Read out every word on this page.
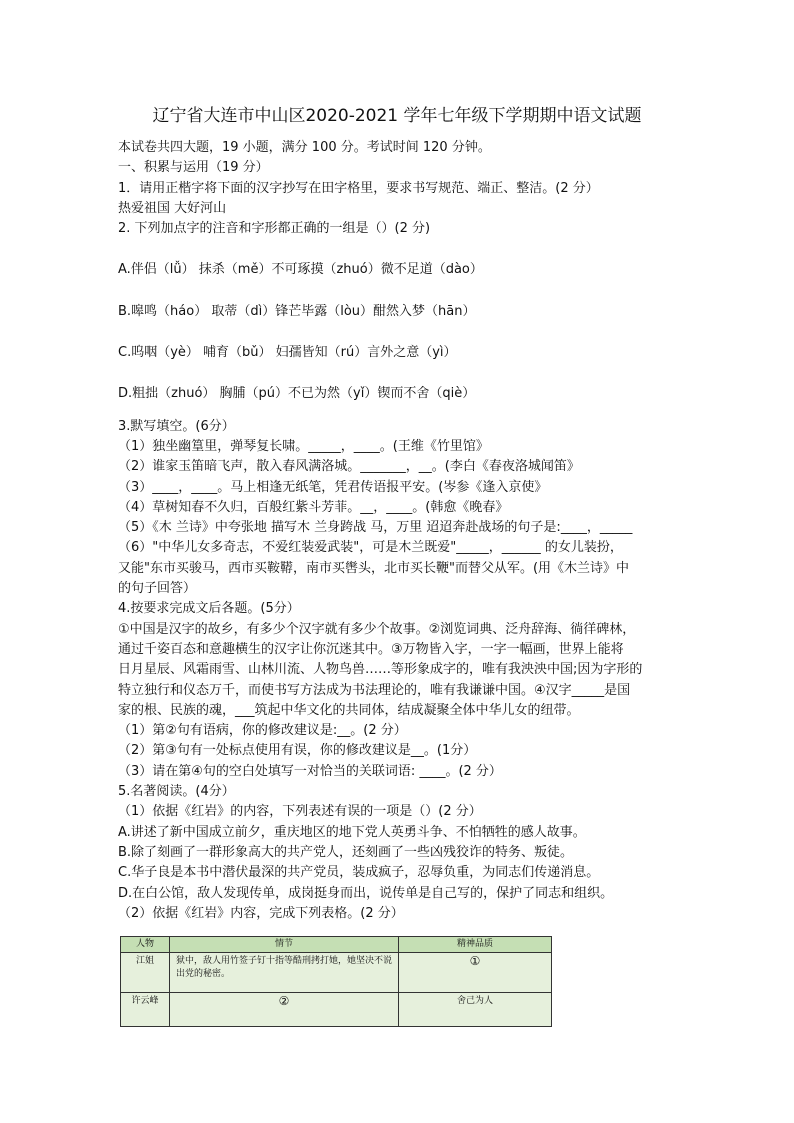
辽宁省大连市中山区2020-2021 学年七年级下学期期中语文试题

本试卷共四大题，19 小题，满分 100 分。考试时间 120 分钟。

一、积累与运用（19 分）

1．请用正楷字将下面的汉字抄写在田字格里，要求书写规范、端正、整洁。(2 分）

热爱祖国 大好河山

2. 下列加点字的注音和字形都正确的一组是（）(2 分)

A.伴侣（lǚ） 抹杀（mě）不可琢摸（zhuó）微不足道（dào）

B.嗥鸣（háo） 取蒂（dì）锋芒毕露（lòu）酣然入梦（hān）

C.呜咽（yè） 哺育（bǔ） 妇孺皆知（rú）言外之意（yì）

D.粗拙（zhuó） 胸脯（pú）不已为然（yǐ）锲而不舍（qiè）

3.默写填空。(6分）

（1）独坐幽篁里，弹琴复长啸。_____，____。(王维《竹里馆》

（2）谁家玉笛暗飞声，散入春风满洛城。_______，__。(李白《春夜洛城闻笛》

（3）____，____。马上相逢无纸笔，凭君传语报平安。(岑参《逢入京使》

（4）草树知春不久归，百般红紫斗芳菲。__，____。(韩愈《晚春》

（5）《木 兰诗》中夸张地 描写木 兰身跨战 马，万里 迢迢奔赴战场的句子是:____，_____

（6）"中华儿女多奇志，不爱红装爱武装"，可是木兰既爱"_____，______ 的女儿装扮，

又能"东市买骏马，西市买鞍鞯，南市买辔头，北市买长鞭"而替父从军。(用《木兰诗》中

的句子回答）

4.按要求完成文后各题。(5分）

①中国是汉字的故乡，有多少个汉字就有多少个故事。②浏览词典、泛舟辞海、徜徉碑林，

通过千姿百态和意趣横生的汉字让你沉迷其中。③万物皆入字，一字一幅画，世界上能将

日月星辰、风霜雨雪、山林川流、人物鸟兽……等形象成字的，唯有我泱泱中国;因为字形的

特立独行和仪态万千，而使书写方法成为书法理论的，唯有我谦谦中国。④汉字_____是国

家的根、民族的魂，___筑起中华文化的共同体，结成凝聚全体中华儿女的纽带。

（1）第②句有语病，你的修改建议是:__。(2 分）

（2）第③句有一处标点使用有误，你的修改建议是__。(1分）

（3）请在第④句的空白处填写一对恰当的关联词语: ____。(2 分）

5.名著阅读。(4分）

（1）依据《红岩》的内容，下列表述有误的一项是（）(2 分）

A.讲述了新中国成立前夕，重庆地区的地下党人英勇斗争、不怕牺牲的感人故事。

B.除了刻画了一群形象高大的共产党人，还刻画了一些凶残狡诈的特务、叛徒。

C.华子良是本书中潜伏最深的共产党员，装成疯子，忍辱负重，为同志们传递消息。

D.在白公馆，敌人发现传单，成岗挺身而出，说传单是自己写的，保护了同志和组织。

（2）依据《红岩》内容，完成下列表格。(2 分）

人物	情节	精神品质
江姐	狱中，敌人用竹签子钉十指等酷刑拷打她，她坚决不说出党的秘密。	①
许云峰	②	舍己为人
